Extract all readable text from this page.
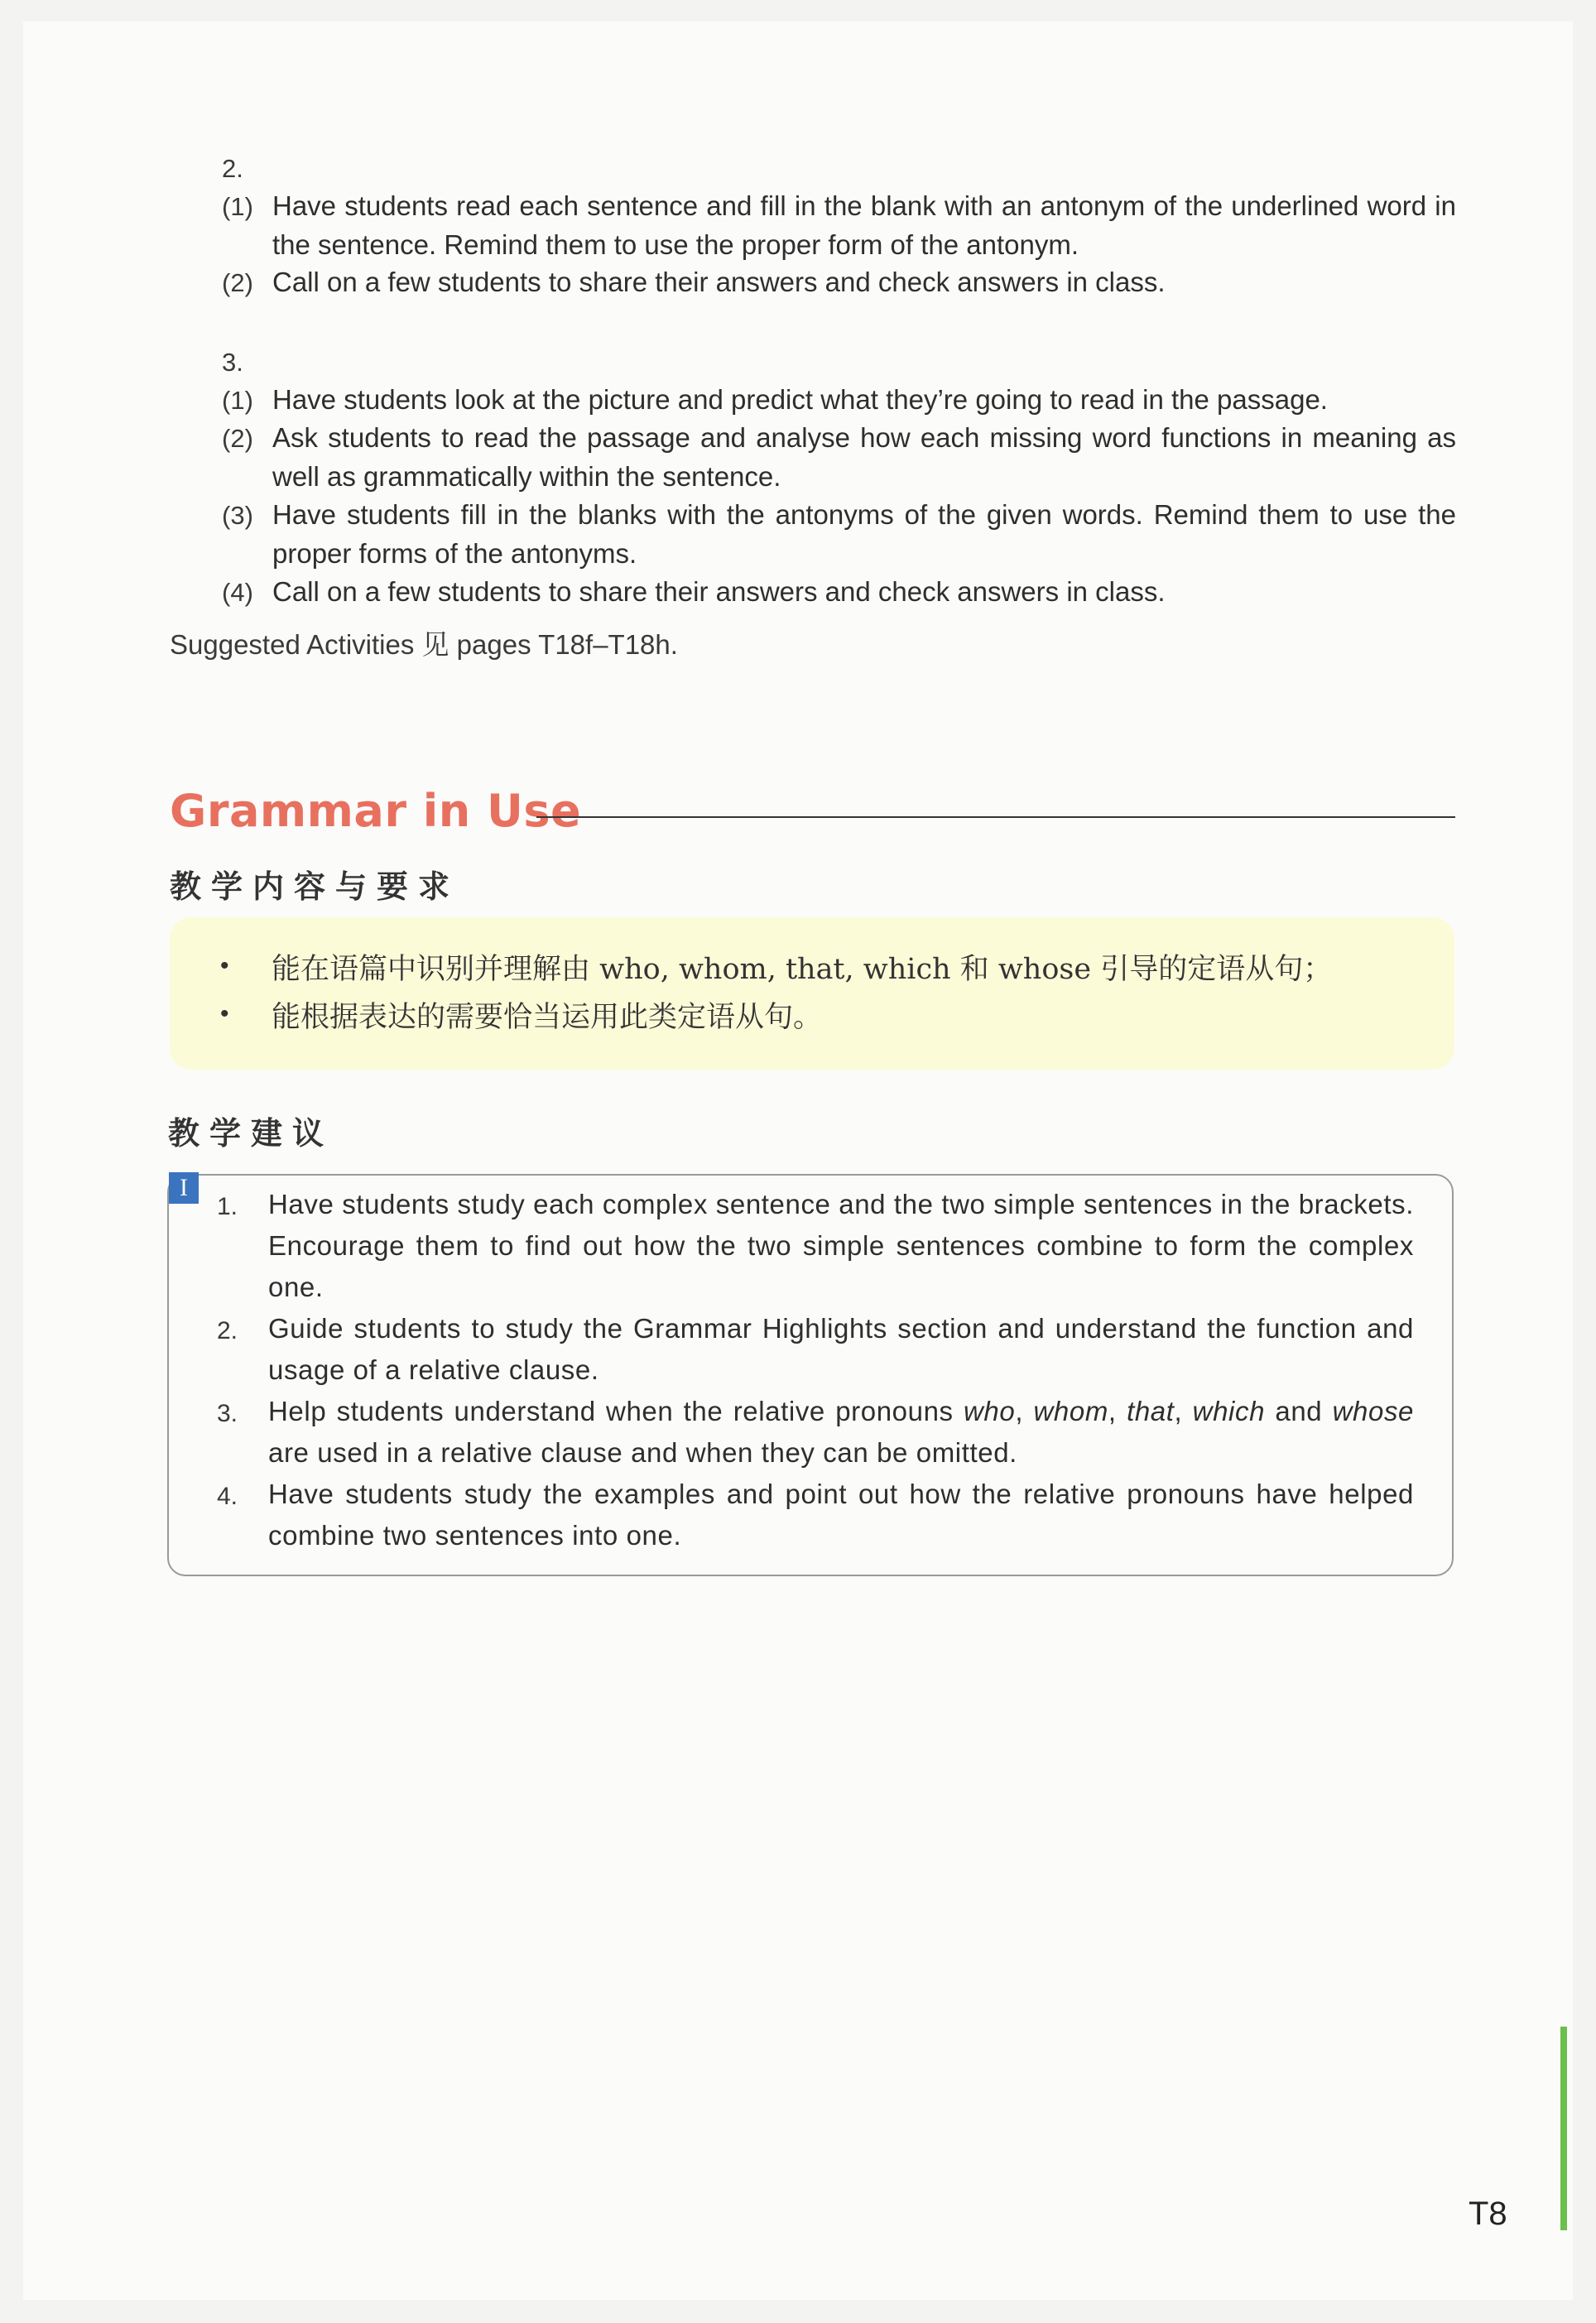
2.
(1) Have students read each sentence and fill in the blank with an antonym of the underlined word in the sentence. Remind them to use the proper form of the antonym.
(2) Call on a few students to share their answers and check answers in class.
3.
(1) Have students look at the picture and predict what they’re going to read in the passage.
(2) Ask students to read the passage and analyse how each missing word functions in meaning as well as grammatically within the sentence.
(3) Have students fill in the blanks with the antonyms of the given words. Remind them to use the proper forms of the antonyms.
(4) Call on a few students to share their answers and check answers in class.
Suggested Activities 见 pages T18f–T18h.
Grammar in Use
教学内容与要求
• 能在语篇中识别并理解由 who, whom, that, which 和 whose 引导的定语从句；
• 能根据表达的需要恰当运用此类定语从句。
教学建议
I
1. Have students study each complex sentence and the two simple sentences in the brackets. Encourage them to find out how the two simple sentences combine to form the complex one.
2. Guide students to study the Grammar Highlights section and understand the function and usage of a relative clause.
3. Help students understand when the relative pronouns who, whom, that, which and whose are used in a relative clause and when they can be omitted.
4. Have students study the examples and point out how the relative pronouns have helped combine two sentences into one.
T8
